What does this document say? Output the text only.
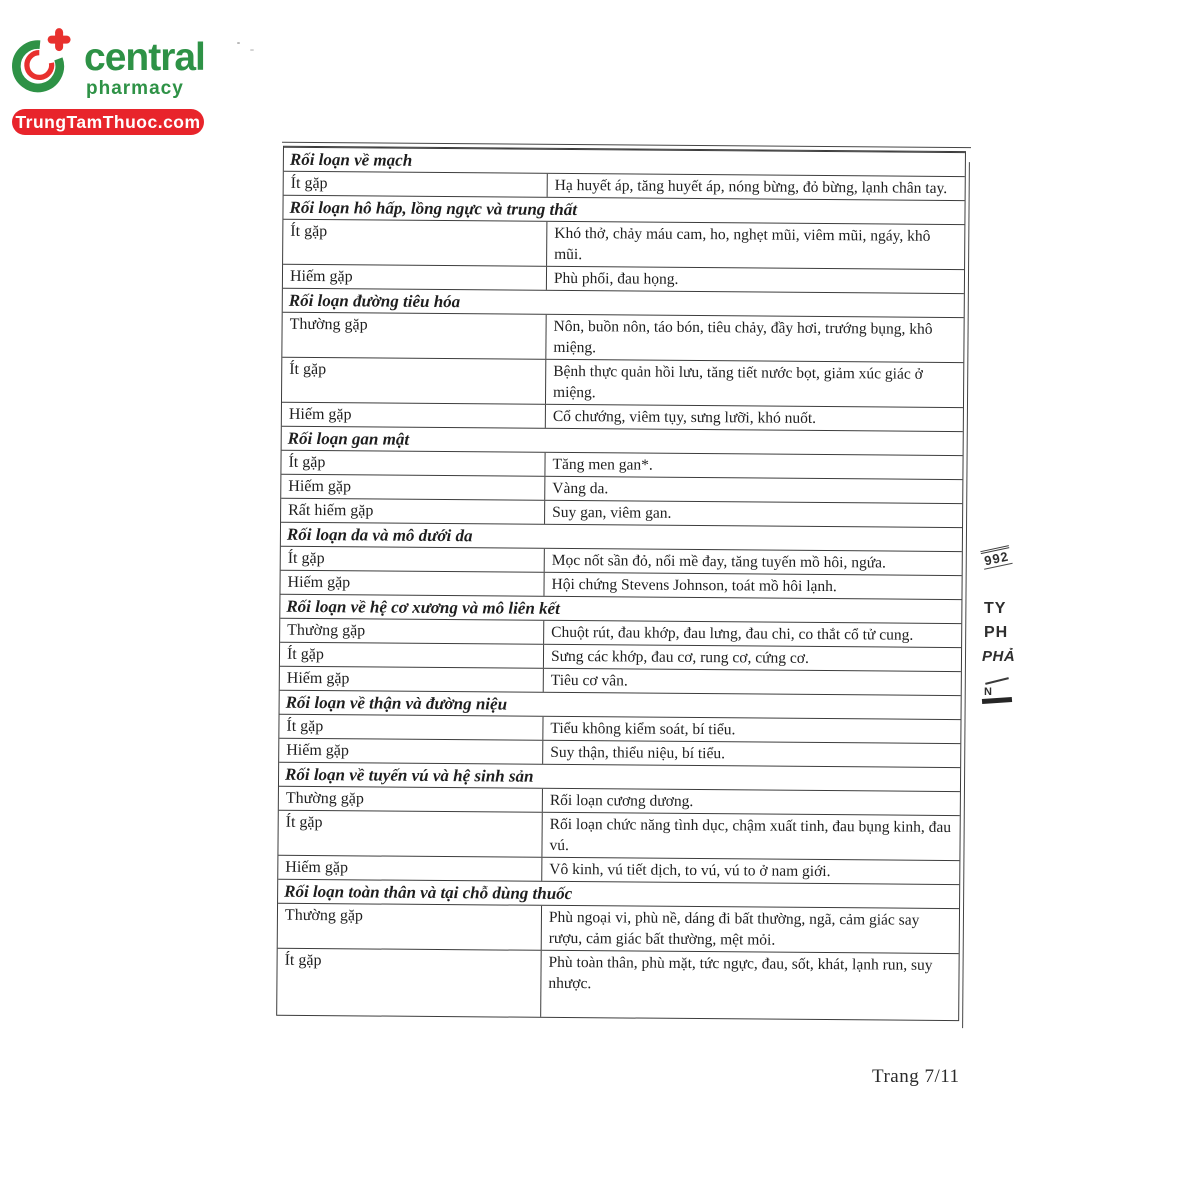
central
pharmacy
TrungTamThuoc.com
Rối loạn về mạch
Ít gặp	Hạ huyết áp, tăng huyết áp, nóng bừng, đỏ bừng, lạnh chân tay.
Rối loạn hô hấp, lồng ngực và trung thất
Ít gặp	Khó thở, chảy máu cam, ho, nghẹt mũi, viêm mũi, ngáy, khô mũi.
Hiếm gặp	Phù phổi, đau họng.
Rối loạn đường tiêu hóa
Thường gặp	Nôn, buồn nôn, táo bón, tiêu chảy, đầy hơi, trướng bụng, khô miệng.
Ít gặp	Bệnh thực quản hồi lưu, tăng tiết nước bọt, giảm xúc giác ở miệng.
Hiếm gặp	Cổ chướng, viêm tụy, sưng lưỡi, khó nuốt.
Rối loạn gan mật
Ít gặp	Tăng men gan*.
Hiếm gặp	Vàng da.
Rất hiếm gặp	Suy gan, viêm gan.
Rối loạn da và mô dưới da
Ít gặp	Mọc nốt sần đỏ, nổi mề đay, tăng tuyến mồ hôi, ngứa.
Hiếm gặp	Hội chứng Stevens Johnson, toát mồ hôi lạnh.
Rối loạn về hệ cơ xương và mô liên kết
Thường gặp	Chuột rút, đau khớp, đau lưng, đau chi, co thắt cổ tử cung.
Ít gặp	Sưng các khớp, đau cơ, rung cơ, cứng cơ.
Hiếm gặp	Tiêu cơ vân.
Rối loạn về thận và đường niệu
Ít gặp	Tiểu không kiểm soát, bí tiểu.
Hiếm gặp	Suy thận, thiểu niệu, bí tiểu.
Rối loạn về tuyến vú và hệ sinh sản
Thường gặp	Rối loạn cương dương.
Ít gặp	Rối loạn chức năng tình dục, chậm xuất tinh, đau bụng kinh, đau vú.
Hiếm gặp	Vô kinh, vú tiết dịch, to vú, vú to ở nam giới.
Rối loạn toàn thân và tại chỗ dùng thuốc
Thường gặp	Phù ngoại vi, phù nề, dáng đi bất thường, ngã, cảm giác say rượu, cảm giác bất thường, mệt mỏi.
Ít gặp	Phù toàn thân, phù mặt, tức ngực, đau, sốt, khát, lạnh run, suy nhược.
Trang 7/11
992
TY
PH
PHẢ
N
